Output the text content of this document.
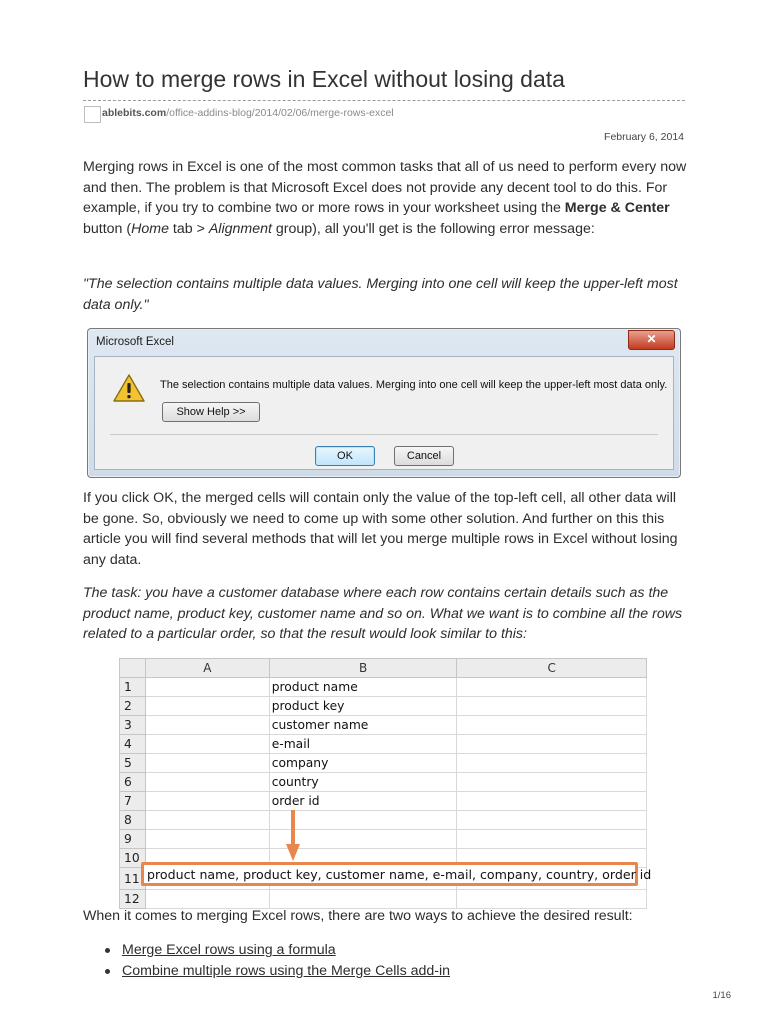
How to merge rows in Excel without losing data
ablebits.com/office-addins-blog/2014/02/06/merge-rows-excel
February 6, 2014
Merging rows in Excel is one of the most common tasks that all of us need to perform every now and then. The problem is that Microsoft Excel does not provide any decent tool to do this. For example, if you try to combine two or more rows in your worksheet using the Merge & Center button (Home tab > Alignment group), all you'll get is the following error message:
"The selection contains multiple data values. Merging into one cell will keep the upper-left most data only."
Microsoft Excel	✕
The selection contains multiple data values. Merging into one cell will keep the upper-left most data only.
Show Help >>
OK	Cancel
If you click OK, the merged cells will contain only the value of the top-left cell, all other data will be gone. So, obviously we need to come up with some other solution. And further on this this article you will find several methods that will let you merge multiple rows in Excel without losing any data.
The task: you have a customer database where each row contains certain details such as the product name, product key, customer name and so on. What we want is to combine all the rows related to a particular order, so that the result would look similar to this:
	A	B	C
1		product name	
2		product key	
3		customer name	
4		e-mail	
5		company	
6		country	
7		order id	
8			
9			
10			
11			
12			
product name, product key, customer name, e-mail, company, country, order id
When it comes to merging Excel rows, there are two ways to achieve the desired result:
Merge Excel rows using a formula
Combine multiple rows using the Merge Cells add-in
1/16
